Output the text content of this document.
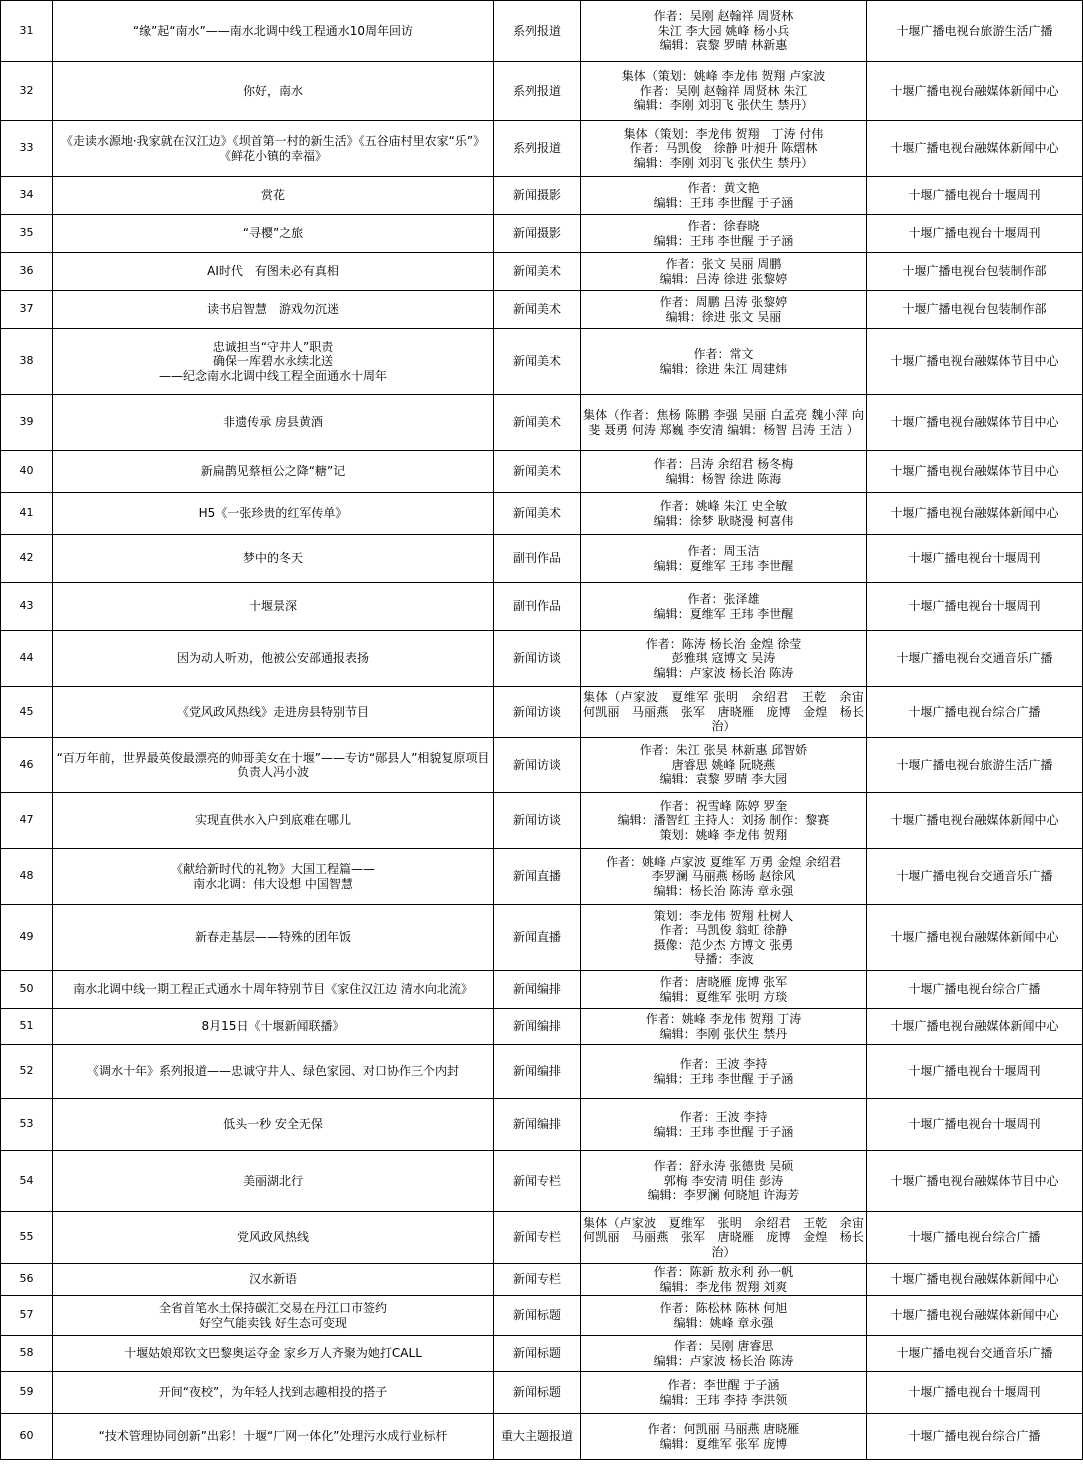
31	“缘”起“南水”——南水北调中线工程通水10周年回访	系列报道	作者：吴刚 赵翰祥 周贤林
朱江 李大园 姚峰 杨小兵
编辑：袁黎 罗晴 林新惠	十堰广播电视台旅游生活广播
32	你好，南水	系列报道	集体（策划：姚峰 李龙伟 贺翔 卢家波
作者：吴刚 赵翰祥 周贤林 朱江
编辑：李刚 刘羽飞 张伏生 禁丹）	十堰广播电视台融媒体新闻中心
33	《走读水源地·我家就在汉江边》《坝首第一村的新生活》《五谷庙村里农家“乐”》《鲜花小镇的幸福》	系列报道	集体（策划：李龙伟 贺翔　丁涛 付伟
作者：马凯俊　徐静 叶昶升 陈熠林
编辑：李刚 刘羽飞 张伏生 禁丹）	十堰广播电视台融媒体新闻中心
34	赏花	新闻摄影	作者：黄文艳
编辑：王玮 李世醒 于子涵	十堰广播电视台十堰周刊
35	“寻樱”之旅	新闻摄影	作者：徐春晓
编辑：王玮 李世醒 于子涵	十堰广播电视台十堰周刊
36	AI时代　有图未必有真相	新闻美术	作者：张文 吴丽 周鹏
编辑：吕涛 徐进 张黎婷	十堰广播电视台包装制作部
37	读书启智慧　游戏勿沉迷	新闻美术	作者：周鹏 吕涛 张黎婷
编辑：徐进 张文 吴丽	十堰广播电视台包装制作部
38	忠诚担当“守井人”职责
确保一库碧水永续北送
——纪念南水北调中线工程全面通水十周年	新闻美术	作者：常文
编辑：徐进 朱江 周建炜	十堰广播电视台融媒体节目中心
39	非遗传承 房县黄酒	新闻美术	集体（作者：焦杨 陈鹏 李强 吴丽 白孟亮 魏小萍 向斐 聂勇 何涛 郑巍 李安清 编辑：杨智 吕涛 王洁 ）	十堰广播电视台融媒体节目中心
40	新扁鹊见蔡桓公之降“糖”记	新闻美术	作者：吕涛 余绍君 杨冬梅
编辑：杨智 徐进 陈海	十堰广播电视台融媒体节目中心
41	H5《一张珍贵的红军传单》	新闻美术	作者：姚峰 朱江 史全敏
编辑：徐梦 耿晓漫 柯喜伟	十堰广播电视台融媒体新闻中心
42	梦中的冬天	副刊作品	作者：周玉洁
编辑：夏维军 王玮 李世醒	十堰广播电视台十堰周刊
43	十堰景深	副刊作品	作者：张泽雄
编辑：夏维军 王玮 李世醒	十堰广播电视台十堰周刊
44	因为动人听劝，他被公安部通报表扬	新闻访谈	作者：陈涛 杨长治 金煌 徐莹
彭雅琪 寇博文 吴涛
编辑：卢家波 杨长治 陈涛	十堰广播电视台交通音乐广播
45	《党风政风热线》走进房县特别节目	新闻访谈	集体（卢家波　夏维军 张明　余绍君　王乾　余宙　何凯丽　马丽燕　张军　唐晓雁　庞博　金煌　杨长治）	十堰广播电视台综合广播
46	“百万年前，世界最英俊最漂亮的帅哥美女在十堰”——专访“郧县人”相貌复原项目负责人冯小波	新闻访谈	作者：朱江 张昊 林新惠 邱智娇
唐睿思 姚峰 阮晓燕
编辑：袁黎 罗晴 李大园	十堰广播电视台旅游生活广播
47	实现直供水入户到底难在哪儿	新闻访谈	作者：祝雪峰 陈婷 罗奎
编辑：潘智红 主持人：刘扬 制作：黎赛
策划：姚峰 李龙伟 贺翔	十堰广播电视台融媒体新闻中心
48	《献给新时代的礼物》大国工程篇——
南水北调：伟大设想 中国智慧	新闻直播	作者：姚峰 卢家波 夏维军 万勇 金煌 余绍君
李罗澜 马丽燕 杨旸 赵徐风
编辑：杨长治 陈涛 章永强	十堰广播电视台交通音乐广播
49	新春走基层——特殊的团年饭	新闻直播	策划：李龙伟 贺翔 杜树人
作者：马凯俊 翁虹 徐静
摄像：范少杰 方博文 张勇
导播：李波	十堰广播电视台融媒体新闻中心
50	南水北调中线一期工程正式通水十周年特别节目《家住汉江边 清水向北流》	新闻编排	作者：唐晓雁 庞博 张军
编辑：夏维军 张明 方琰	十堰广播电视台综合广播
51	8月15日《十堰新闻联播》	新闻编排	作者：姚峰 李龙伟 贺翔 丁涛
编辑：李刚 张伏生 禁丹	十堰广播电视台融媒体新闻中心
52	《调水十年》系列报道——忠诚守井人、绿色家园、对口协作三个内封	新闻编排	作者：王波 李持
编辑：王玮 李世醒 于子涵	十堰广播电视台十堰周刊
53	低头一秒 安全无保	新闻编排	作者：王波 李持
编辑：王玮 李世醒 于子涵	十堰广播电视台十堰周刊
54	美丽湖北行	新闻专栏	作者：舒永涛 张德贵 吴硕
郭梅 李安清 明佳 彭涛
编辑：李罗澜 何晓旭 许海芳	十堰广播电视台融媒体节目中心
55	党风政风热线	新闻专栏	集体（卢家波　夏维军　张明　余绍君　王乾　余宙　何凯丽　马丽燕　张军　唐晓雁　庞博　金煌　杨长治）	十堰广播电视台综合广播
56	汉水新语	新闻专栏	作者：陈新 敖永利 孙一帆
编辑：李龙伟 贺翔 刘爽	十堰广播电视台融媒体新闻中心
57	全省首笔水土保持碳汇交易在丹江口市签约
好空气能卖钱 好生态可变现	新闻标题	作者：陈松林 陈林 何旭
编辑：姚峰 章永强	十堰广播电视台融媒体新闻中心
58	十堰姑娘郑钦文巴黎奥运夺金 家乡万人齐聚为她打CALL	新闻标题	作者：吴刚 唐睿思
编辑：卢家波 杨长治 陈涛	十堰广播电视台交通音乐广播
59	开间“夜校”，为年轻人找到志趣相投的搭子	新闻标题	作者：李世醒 于子涵
编辑：王玮 李持 李洪领	十堰广播电视台十堰周刊
60	“技术管理协同创新”出彩！十堰“厂网一体化”处理污水成行业标杆	重大主题报道	作者：何凯丽 马丽燕 唐晓雁
编辑：夏维军 张军 庞博	十堰广播电视台综合广播
